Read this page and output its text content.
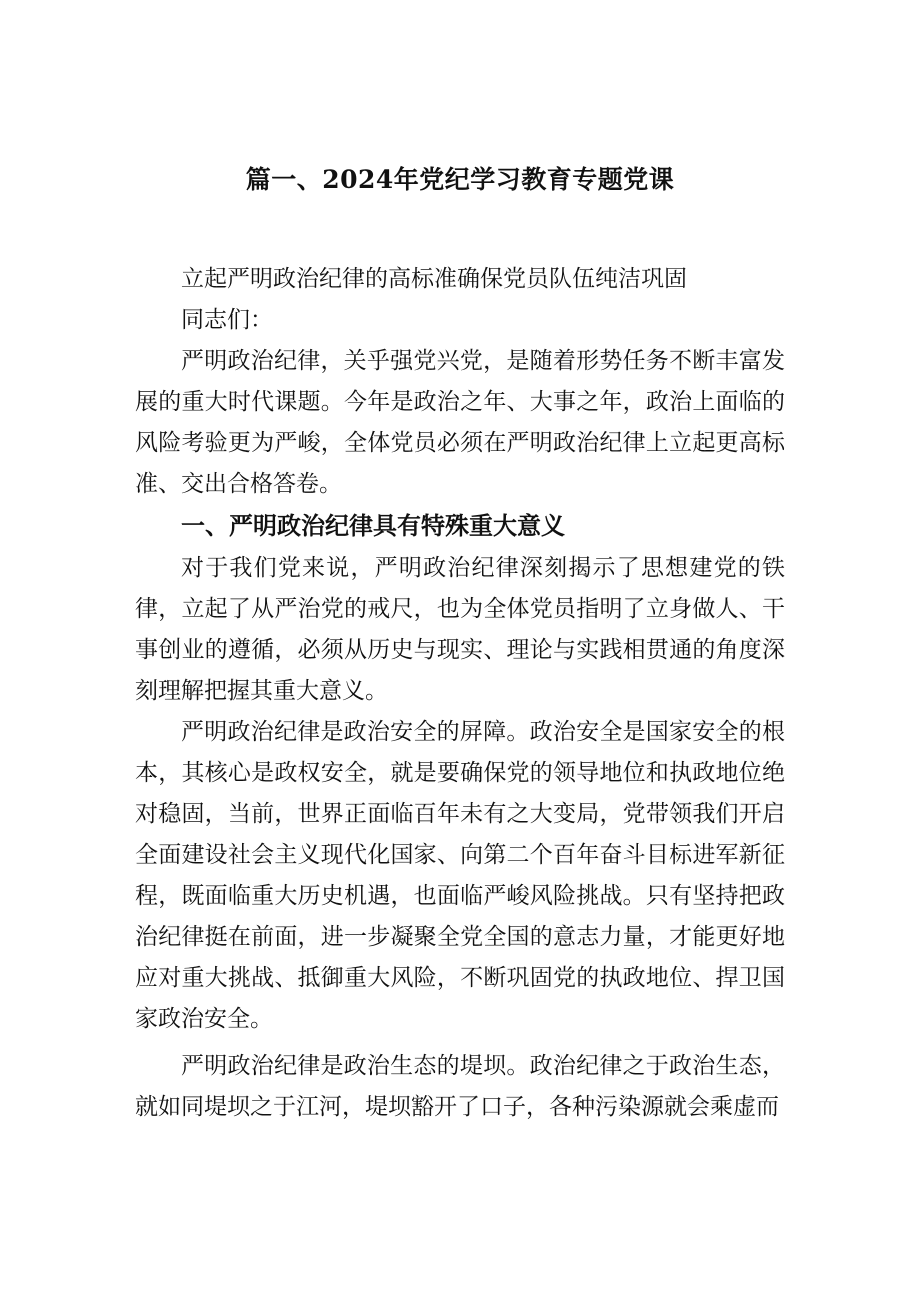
篇一、2024年党纪学习教育专题党课

立起严明政治纪律的高标准确保党员队伍纯洁巩固

同志们：

严明政治纪律，关乎强党兴党，是随着形势任务不断丰富发展的重大时代课题。今年是政治之年、大事之年，政治上面临的风险考验更为严峻，全体党员必须在严明政治纪律上立起更高标准、交出合格答卷。

一、严明政治纪律具有特殊重大意义

对于我们党来说，严明政治纪律深刻揭示了思想建党的铁律，立起了从严治党的戒尺，也为全体党员指明了立身做人、干事创业的遵循，必须从历史与现实、理论与实践相贯通的角度深刻理解把握其重大意义。

严明政治纪律是政治安全的屏障。政治安全是国家安全的根本，其核心是政权安全，就是要确保党的领导地位和执政地位绝对稳固，当前，世界正面临百年未有之大变局，党带领我们开启全面建设社会主义现代化国家、向第二个百年奋斗目标进军新征程，既面临重大历史机遇，也面临严峻风险挑战。只有坚持把政治纪律挺在前面，进一步凝聚全党全国的意志力量，才能更好地应对重大挑战、抵御重大风险，不断巩固党的执政地位、捍卫国家政治安全。

严明政治纪律是政治生态的堤坝。政治纪律之于政治生态，就如同堤坝之于江河，堤坝豁开了口子，各种污染源就会乘虚而
